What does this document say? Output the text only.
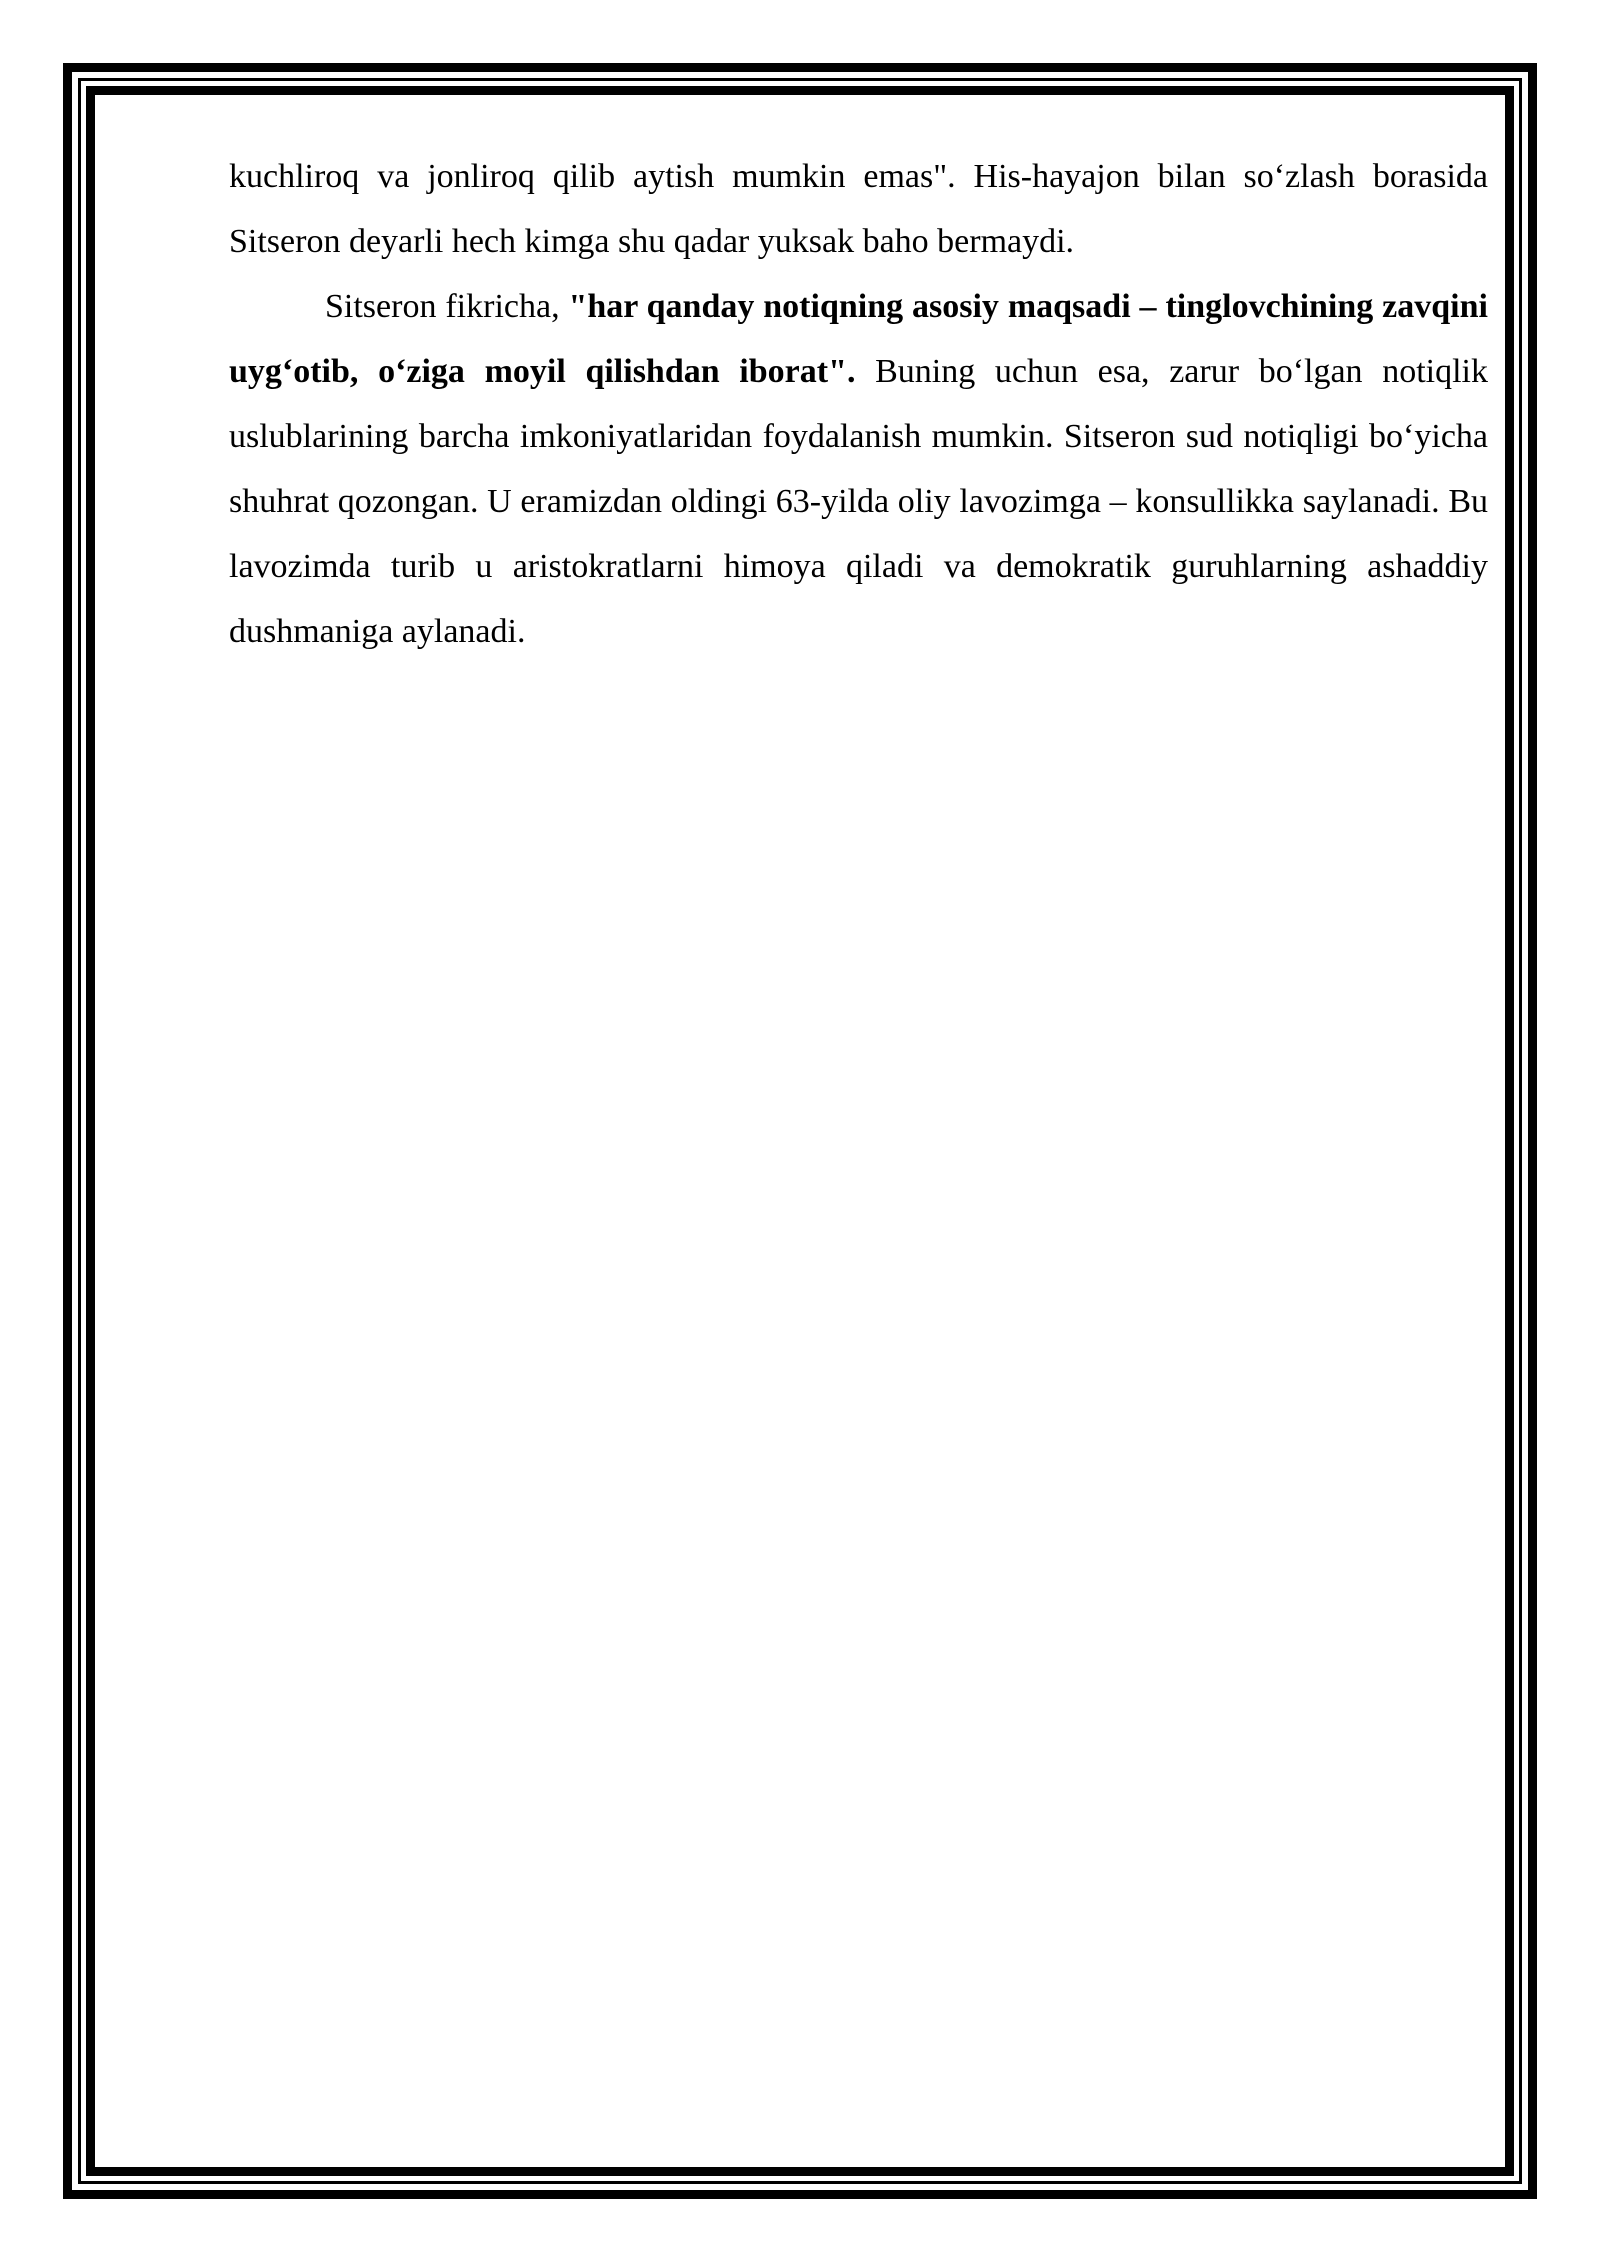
kuchliroq va jonliroq qilib aytish mumkin emas". His-hayajon bilan so‘zlash borasida Sitseron deyarli hech kimga shu qadar yuksak baho bermaydi.

Sitseron fikricha, "har qanday notiqning asosiy maqsadi – tinglovchining zavqini uyg‘otib, o‘ziga moyil qilishdan iborat". Buning uchun esa, zarur bo‘lgan notiqlik uslublarining barcha imkoniyatlaridan foydalanish mumkin. Sitseron sud notiqligi bo‘yicha shuhrat qozongan. U eramizdan oldingi 63-yilda oliy lavozimga – konsullikka saylanadi. Bu lavozimda turib u aristokratlarni himoya qiladi va demokratik guruhlarning ashaddiy dushmaniga aylanadi.
